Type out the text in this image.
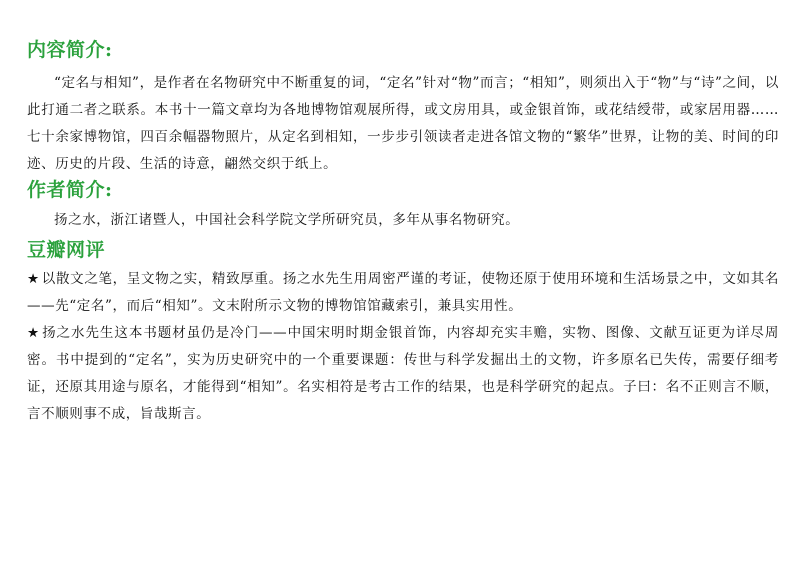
内容简介:

“定名与相知”，是作者在名物研究中不断重复的词，“定名”针对“物”而言；“相知”，则须出入于“物”与“诗”之间，以此打通二者之联系。本书十一篇文章均为各地博物馆观展所得，或文房用具，或金银首饰，或花结绶带，或家居用器……七十余家博物馆，四百余幅器物照片，从定名到相知，一步步引领读者走进各馆文物的“繁华”世界，让物的美、时间的印迹、历史的片段、生活的诗意，翩然交织于纸上。

作者简介:

扬之水，浙江诸暨人，中国社会科学院文学所研究员，多年从事名物研究。

豆瓣网评

★ 以散文之笔，呈文物之实，精致厚重。扬之水先生用周密严谨的考证，使物还原于使用环境和生活场景之中，文如其名——先“定名”，而后“相知”。文末附所示文物的博物馆馆藏索引，兼具实用性。

★ 扬之水先生这本书题材虽仍是冷门——中国宋明时期金银首饰，内容却充实丰赡，实物、图像、文献互证更为详尽周密。书中提到的“定名”，实为历史研究中的一个重要课题：传世与科学发掘出土的文物，许多原名已失传，需要仔细考证，还原其用途与原名，才能得到“相知”。名实相符是考古工作的结果，也是科学研究的起点。子曰：名不正则言不顺，言不顺则事不成，旨哉斯言。
